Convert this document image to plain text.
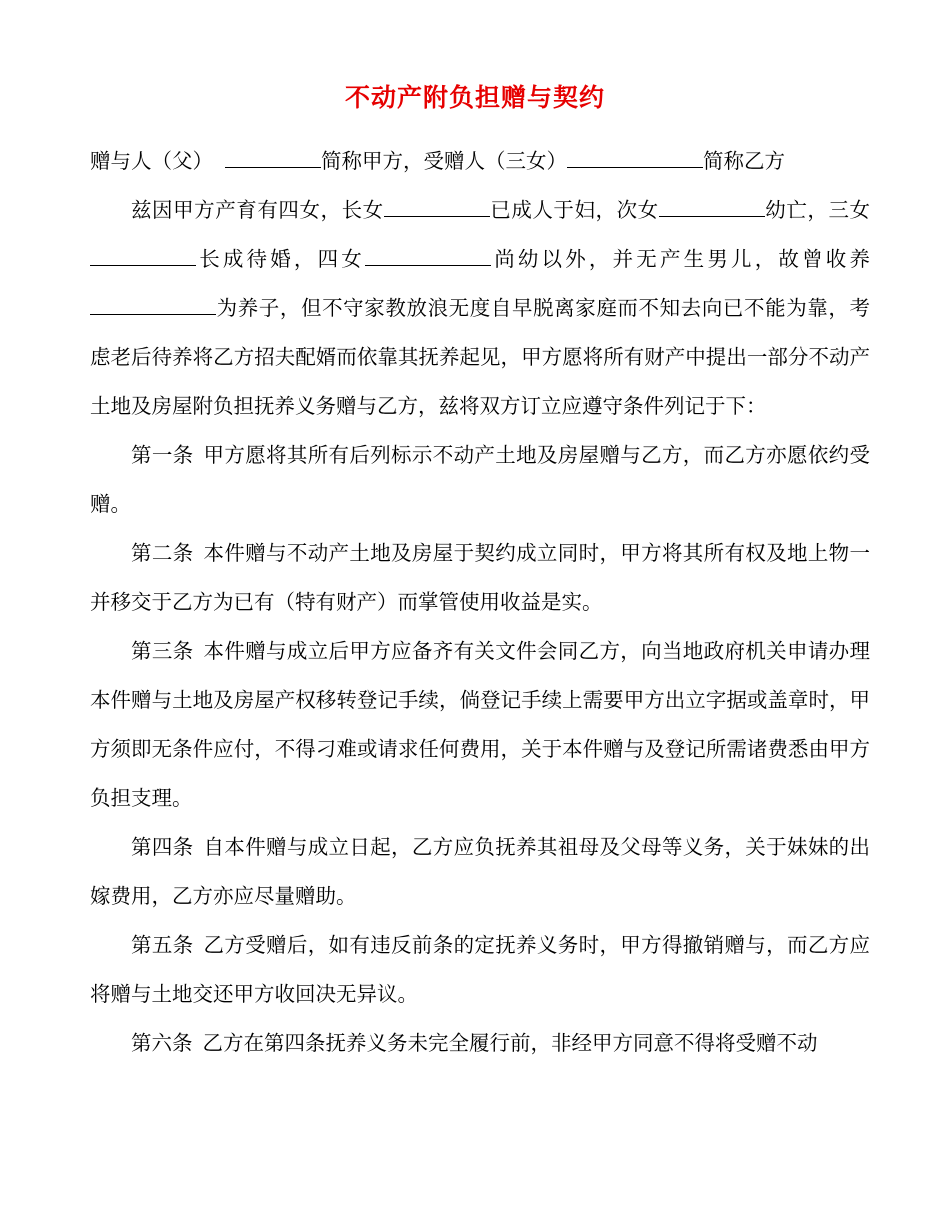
不动产附负担赠与契约

赠与人（父）	简称甲方，受赠人（三女）	简称乙方

兹因甲方产育有四女，长女	已成人于妇，次女	幼亡，三女长成待婚，四女	尚幼以外，并无产生男儿，故曾收养为养子，但不守家教放浪无度自早脱离家庭而不知去向已不能为靠，考虑老后待养将乙方招夫配婿而依靠其抚养起见，甲方愿将所有财产中提出一部分不动产土地及房屋附负担抚养义务赠与乙方，兹将双方订立应遵守条件列记于下：

第一条 甲方愿将其所有后列标示不动产土地及房屋赠与乙方，而乙方亦愿依约受赠。

第二条 本件赠与不动产土地及房屋于契约成立同时，甲方将其所有权及地上物一并移交于乙方为已有（特有财产）而掌管使用收益是实。

第三条 本件赠与成立后甲方应备齐有关文件会同乙方，向当地政府机关申请办理本件赠与土地及房屋产权移转登记手续，倘登记手续上需要甲方出立字据或盖章时，甲方须即无条件应付，不得刁难或请求任何费用，关于本件赠与及登记所需诸费悉由甲方负担支理。

第四条 自本件赠与成立日起，乙方应负抚养其祖母及父母等义务，关于妹妹的出嫁费用，乙方亦应尽量赠助。

第五条 乙方受赠后，如有违反前条的定抚养义务时，甲方得撤销赠与，而乙方应将赠与土地交还甲方收回决无异议。

第六条 乙方在第四条抚养义务未完全履行前，非经甲方同意不得将受赠不动
